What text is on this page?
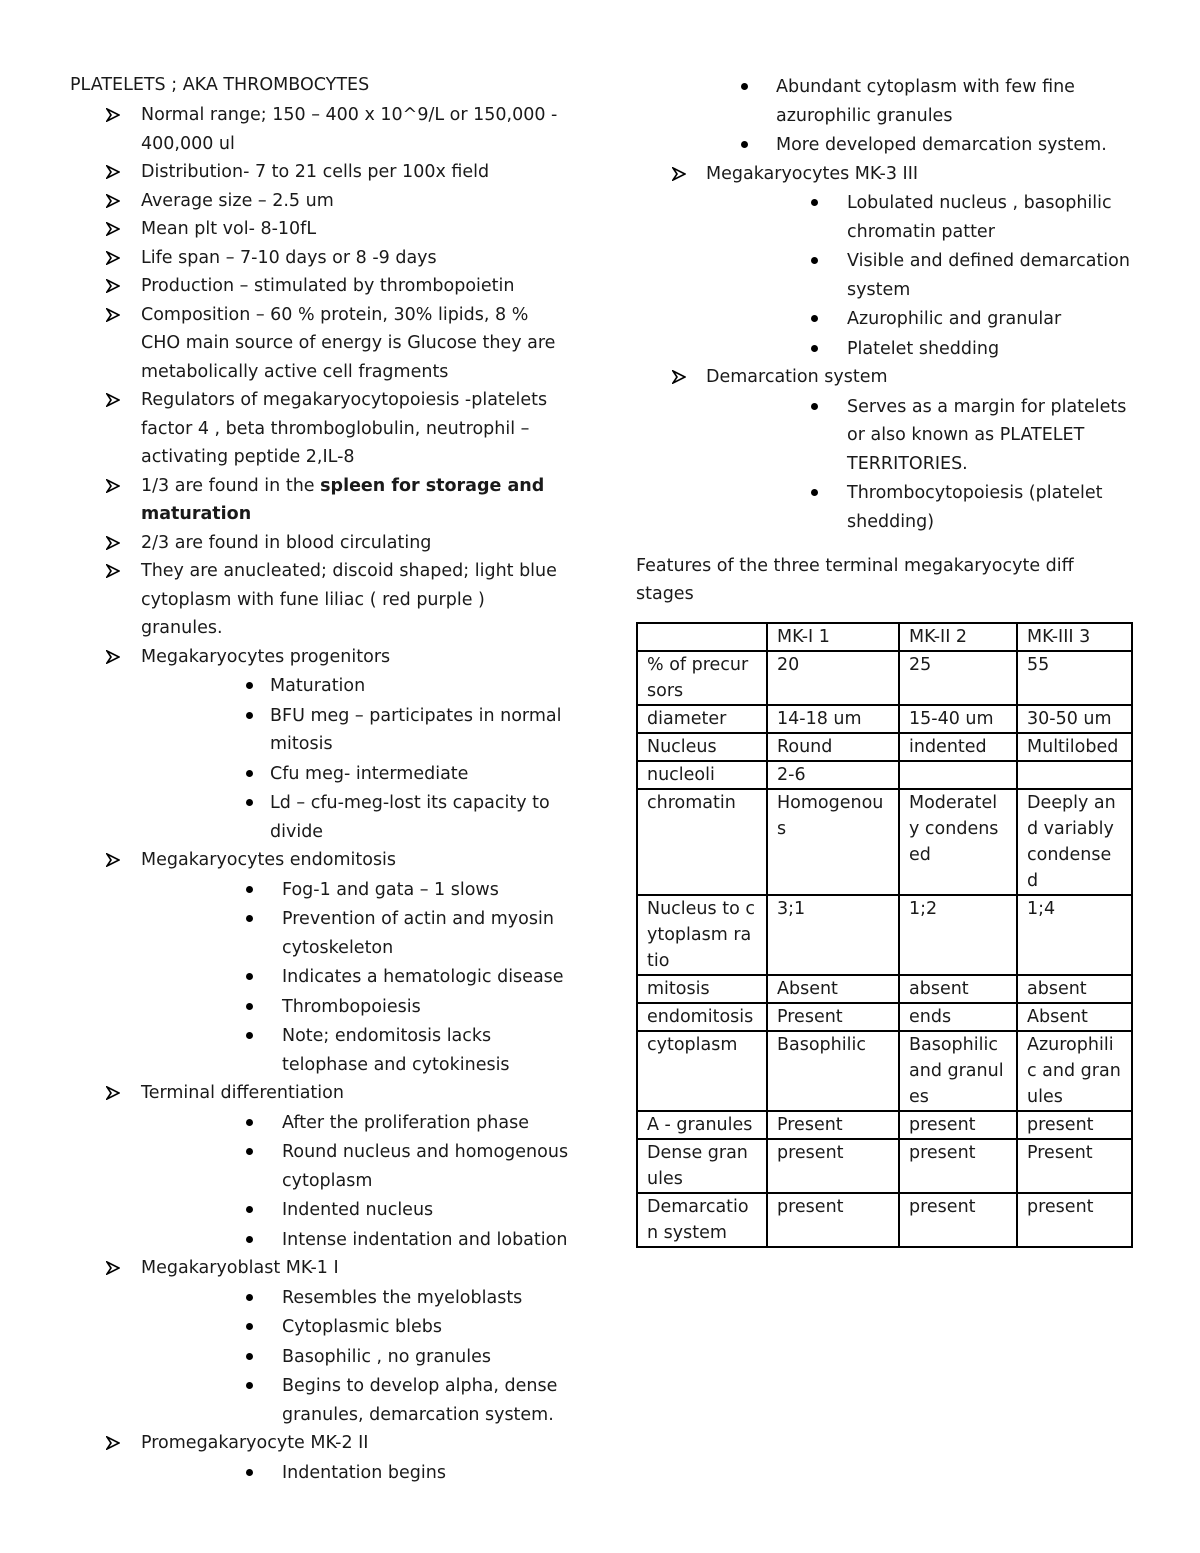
PLATELETS ; AKA THROMBOCYTES
Normal range; 150 – 400 x 10^9/L or 150,000 - 400,000 ul
Distribution- 7 to 21 cells per 100x field
Average size – 2.5 um
Mean plt vol- 8-10fL
Life span – 7-10 days or 8 -9 days
Production – stimulated by thrombopoietin
Composition – 60 % protein, 30% lipids, 8 % CHO main source of energy is Glucose they are metabolically active cell fragments
Regulators of megakaryocytopoiesis -platelets factor 4 , beta thromboglobulin, neutrophil –activating peptide 2,IL-8
1/3 are found in the spleen for storage and maturation
2/3 are found in blood circulating
They are anucleated; discoid shaped; light blue cytoplasm with fune liliac ( red purple ) granules.
Megakaryocytes progenitors
Maturation
BFU meg – participates in normal mitosis
Cfu meg- intermediate
Ld – cfu-meg-lost its capacity to divide
Megakaryocytes endomitosis
Fog-1 and gata – 1 slows
Prevention of actin and myosin cytoskeleton
Indicates a hematologic disease
Thrombopoiesis
Note; endomitosis lacks telophase and cytokinesis
Terminal differentiation
After the proliferation phase
Round nucleus and homogenous cytoplasm
Indented nucleus
Intense indentation and lobation
Megakaryoblast MK-1 I
Resembles the myeloblasts
Cytoplasmic blebs
Basophilic , no granules
Begins to develop alpha, dense granules, demarcation system.
Promegakaryocyte MK-2 II
Indentation begins
Abundant cytoplasm with few fine azurophilic granules
More developed demarcation system.
Megakaryocytes MK-3 III
Lobulated nucleus , basophilic chromatin patter
Visible and defined demarcation system
Azurophilic and granular
Platelet shedding
Demarcation system
Serves as a margin for platelets or also known as PLATELET TERRITORIES.
Thrombocytopoiesis (platelet shedding)
Features of the three terminal megakaryocyte diff stages
	MK-I 1	MK-II 2	MK-III 3
% of precursors	20	25	55
diameter	14-18 um	15-40 um	30-50 um
Nucleus	Round	indented	Multilobed
nucleoli	2-6		
chromatin	Homogenous	Moderately condensed	Deeply and variably condensed
Nucleus to cytoplasm ratio	3;1	1;2	1;4
mitosis	Absent	absent	absent
endomitosis	Present	ends	Absent
cytoplasm	Basophilic	Basophilic and granules	Azurophilic and granules
A - granules	Present	present	present
Dense granules	present	present	Present
Demarcation system	present	present	present
